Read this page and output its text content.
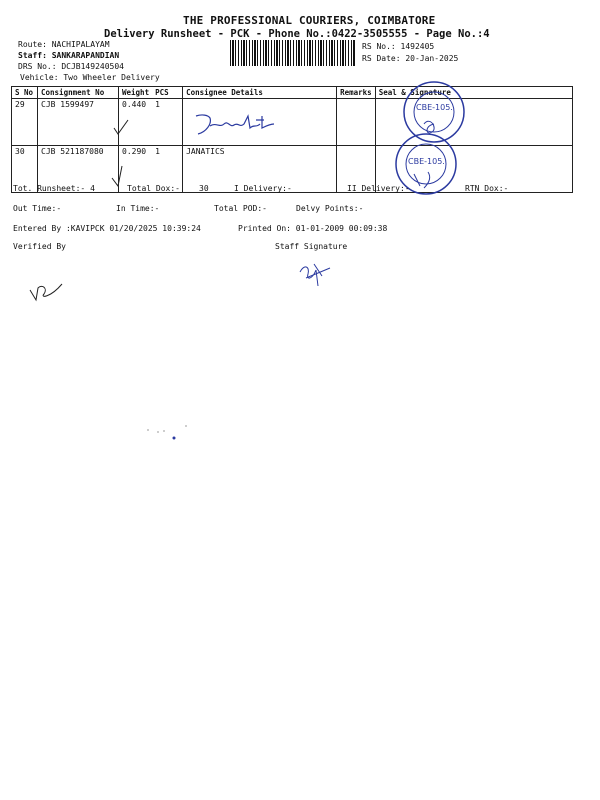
THE PROFESSIONAL COURIERS, COIMBATORE
Delivery Runsheet - PCK - Phone No.:0422-3505555 - Page No.:4
Route: NACHIPALAYAM
Staff: SANKARAPANDIAN
DRS No.: DCJB149240504
Vehicle: Two Wheeler Delivery
RS No.: 1492405
RS Date: 20-Jan-2025
S No	Consignment No	Weight	PCS	Consignee Details	Remarks	Seal & Signature
29	CJB 1599497	0.440	1			
30	CJB 521187080	0.290	1	JANATICS		
CBE-105.
CBE-105.
Tot. Runsheet:- 4	Total Dox:- 30	I Delivery:-	II Delivery:-	RTN Dox:-
Out Time:-	In Time:-	Total POD:-	Delvy Points:-
Entered By :KAVIPCK 01/20/2025 10:39:24	Printed On: 01-01-2009 00:09:38
Verified By	Staff Signature
